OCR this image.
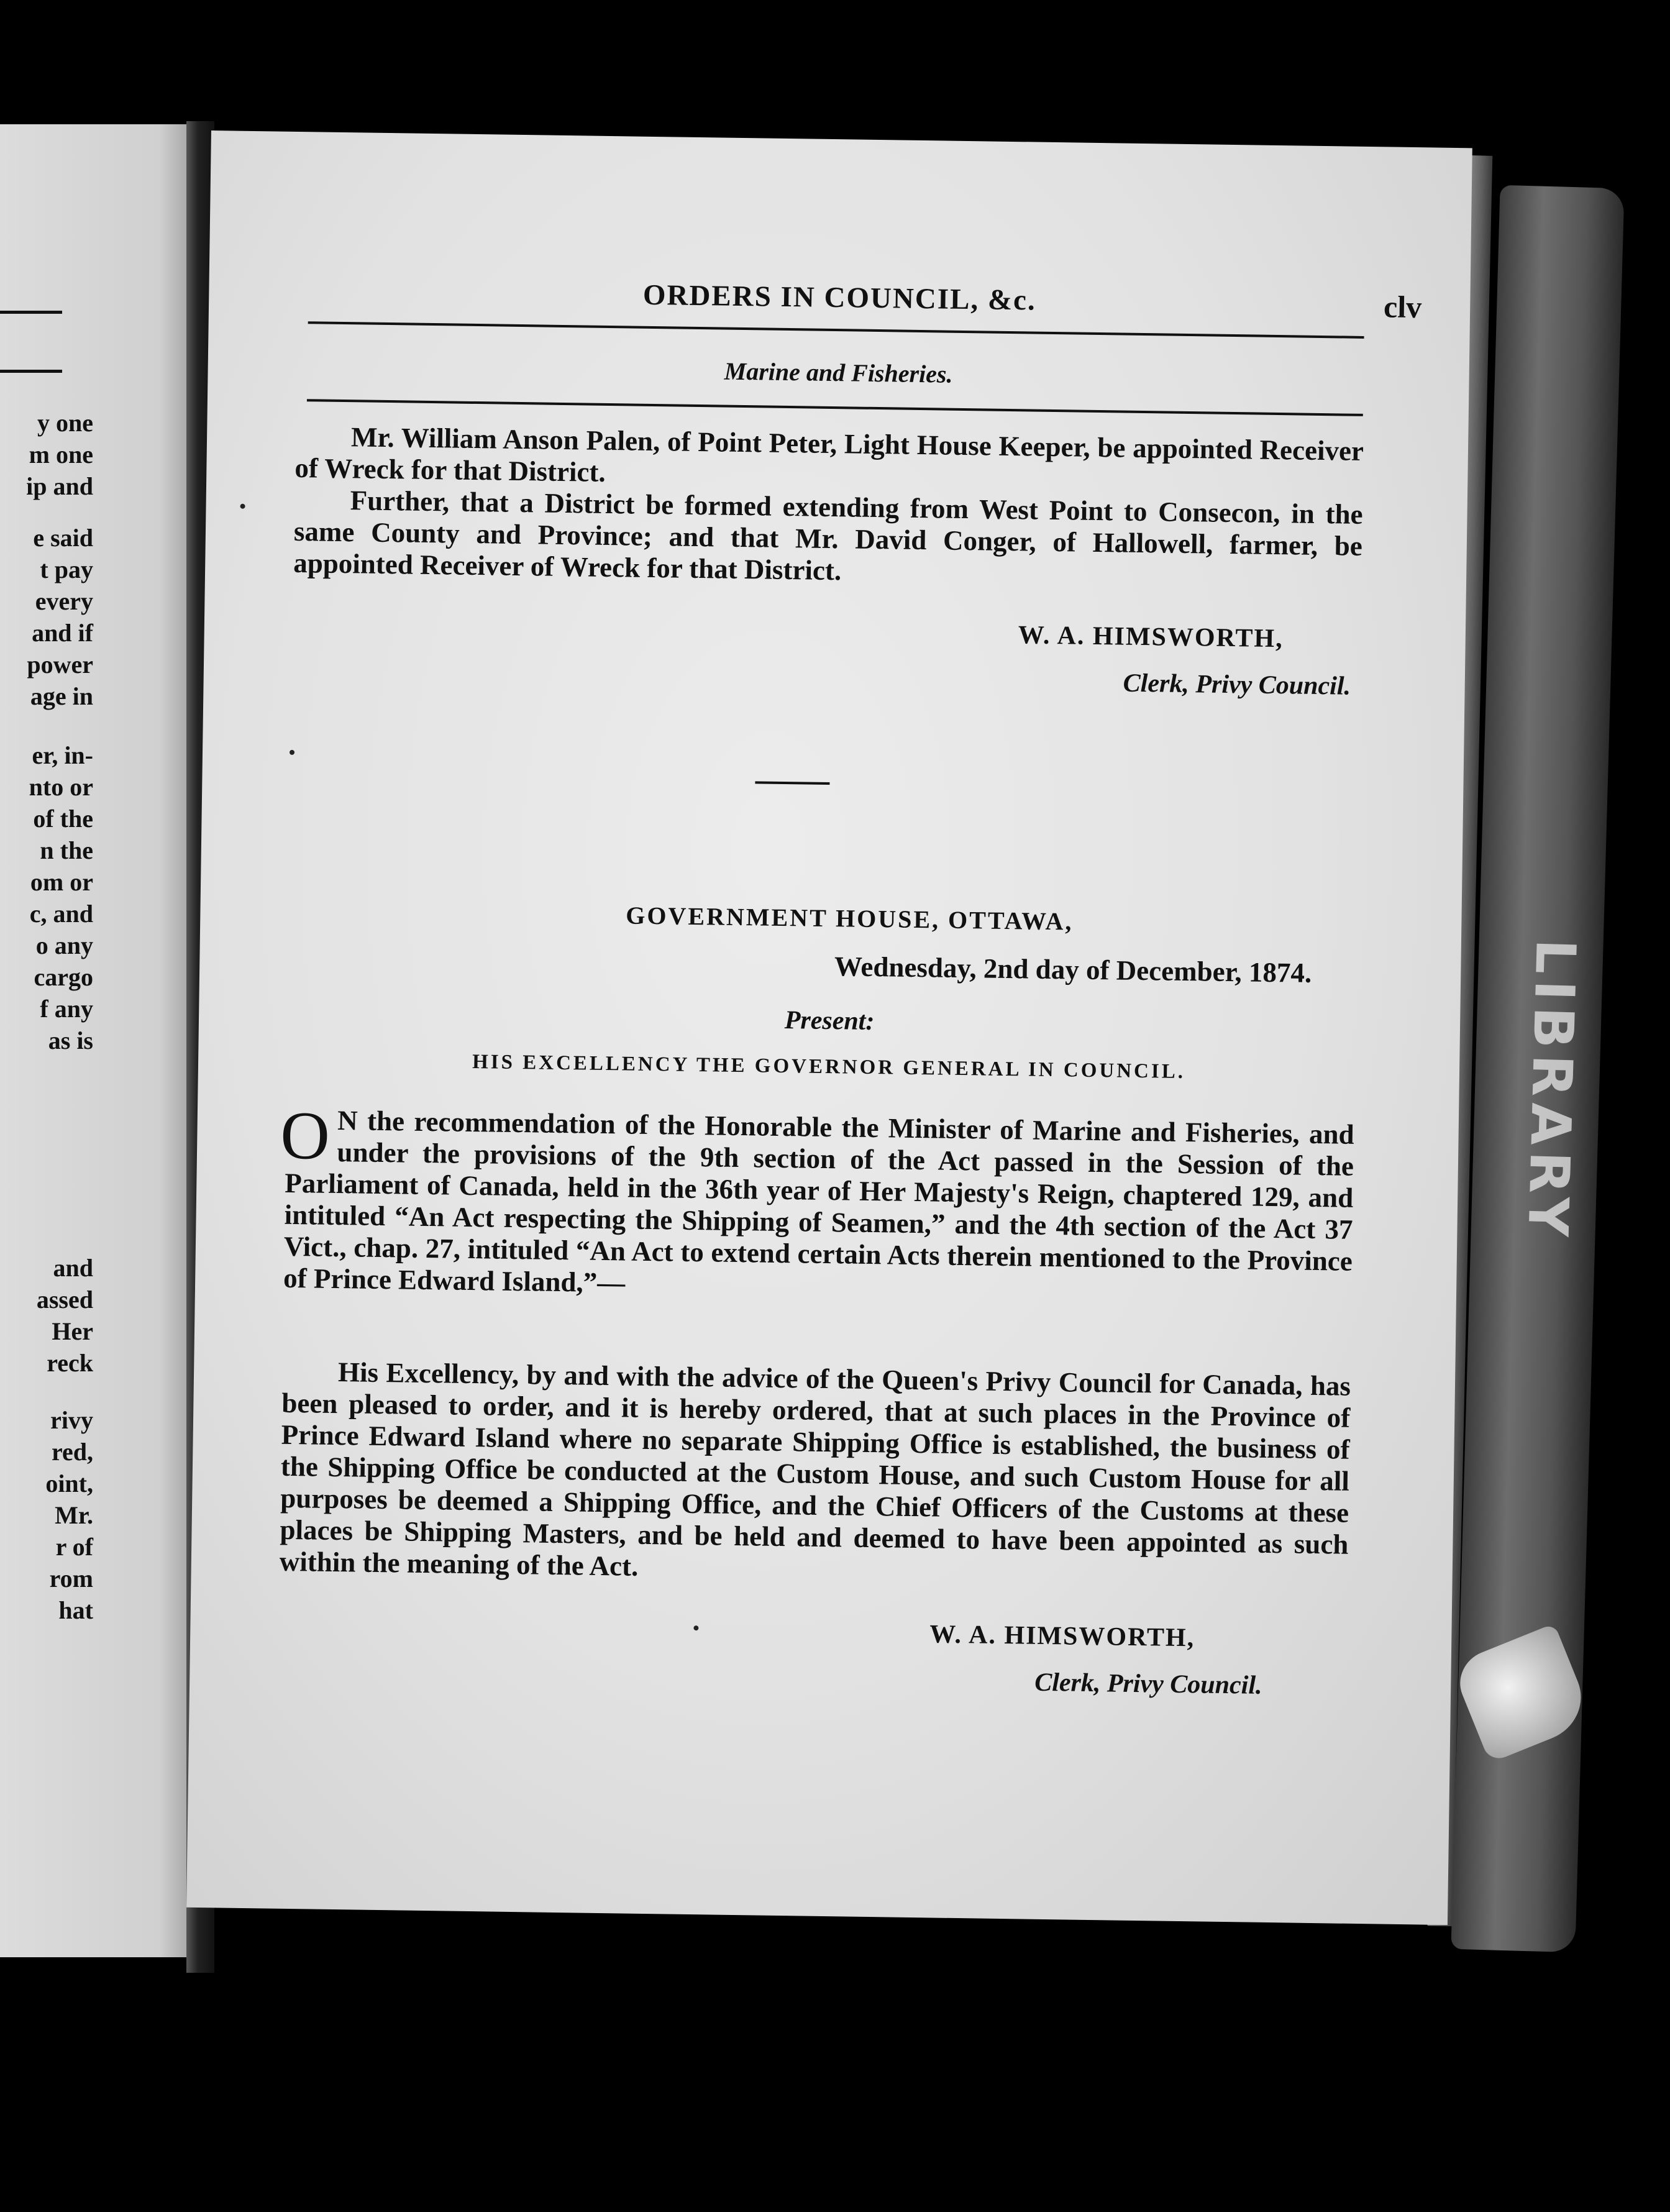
y one
m one
ip and
e said
t pay
every
and if
power
age in
er, in-
nto or
of the
n the
om or
c, and
o any
cargo
f any
as is
and
assed
Her
reck
rivy
red,
oint,
Mr.
r of
rom
hat
LIBRARY
ORDERS IN COUNCIL, &c.	clv
Marine and Fisheries.
Mr. William Anson Palen, of Point Peter, Light House Keeper, be appointed Receiver of Wreck for that District.
Further, that a District be formed extending from West Point to Consecon, in the same County and Province; and that Mr. David Conger, of Hallowell, farmer, be appointed Receiver of Wreck for that District.
W. A. HIMSWORTH,
Clerk, Privy Council.
GOVERNMENT HOUSE, OTTAWA,
Wednesday, 2nd day of December, 1874.
Present:
HIS EXCELLENCY THE GOVERNOR GENERAL IN COUNCIL.
O N the recommendation of the Honorable the Minister of Marine and Fisheries, and under the provisions of the 9th section of the Act passed in the Session of the Parliament of Canada, held in the 36th year of Her Majesty's Reign, chaptered 129, and intituled “An Act respecting the Shipping of Seamen,” and the 4th section of the Act 37 Vict., chap. 27, intituled “An Act to extend certain Acts therein mentioned to the Province of Prince Edward Island,”—
His Excellency, by and with the advice of the Queen's Privy Council for Canada, has been pleased to order, and it is hereby ordered, that at such places in the Province of Prince Edward Island where no separate Shipping Office is established, the business of the Shipping Office be conducted at the Custom House, and such Custom House for all purposes be deemed a Shipping Office, and the Chief Officers of the Customs at these places be Shipping Masters, and be held and deemed to have been appointed as such within the meaning of the Act.
W. A. HIMSWORTH,
Clerk, Privy Council.
